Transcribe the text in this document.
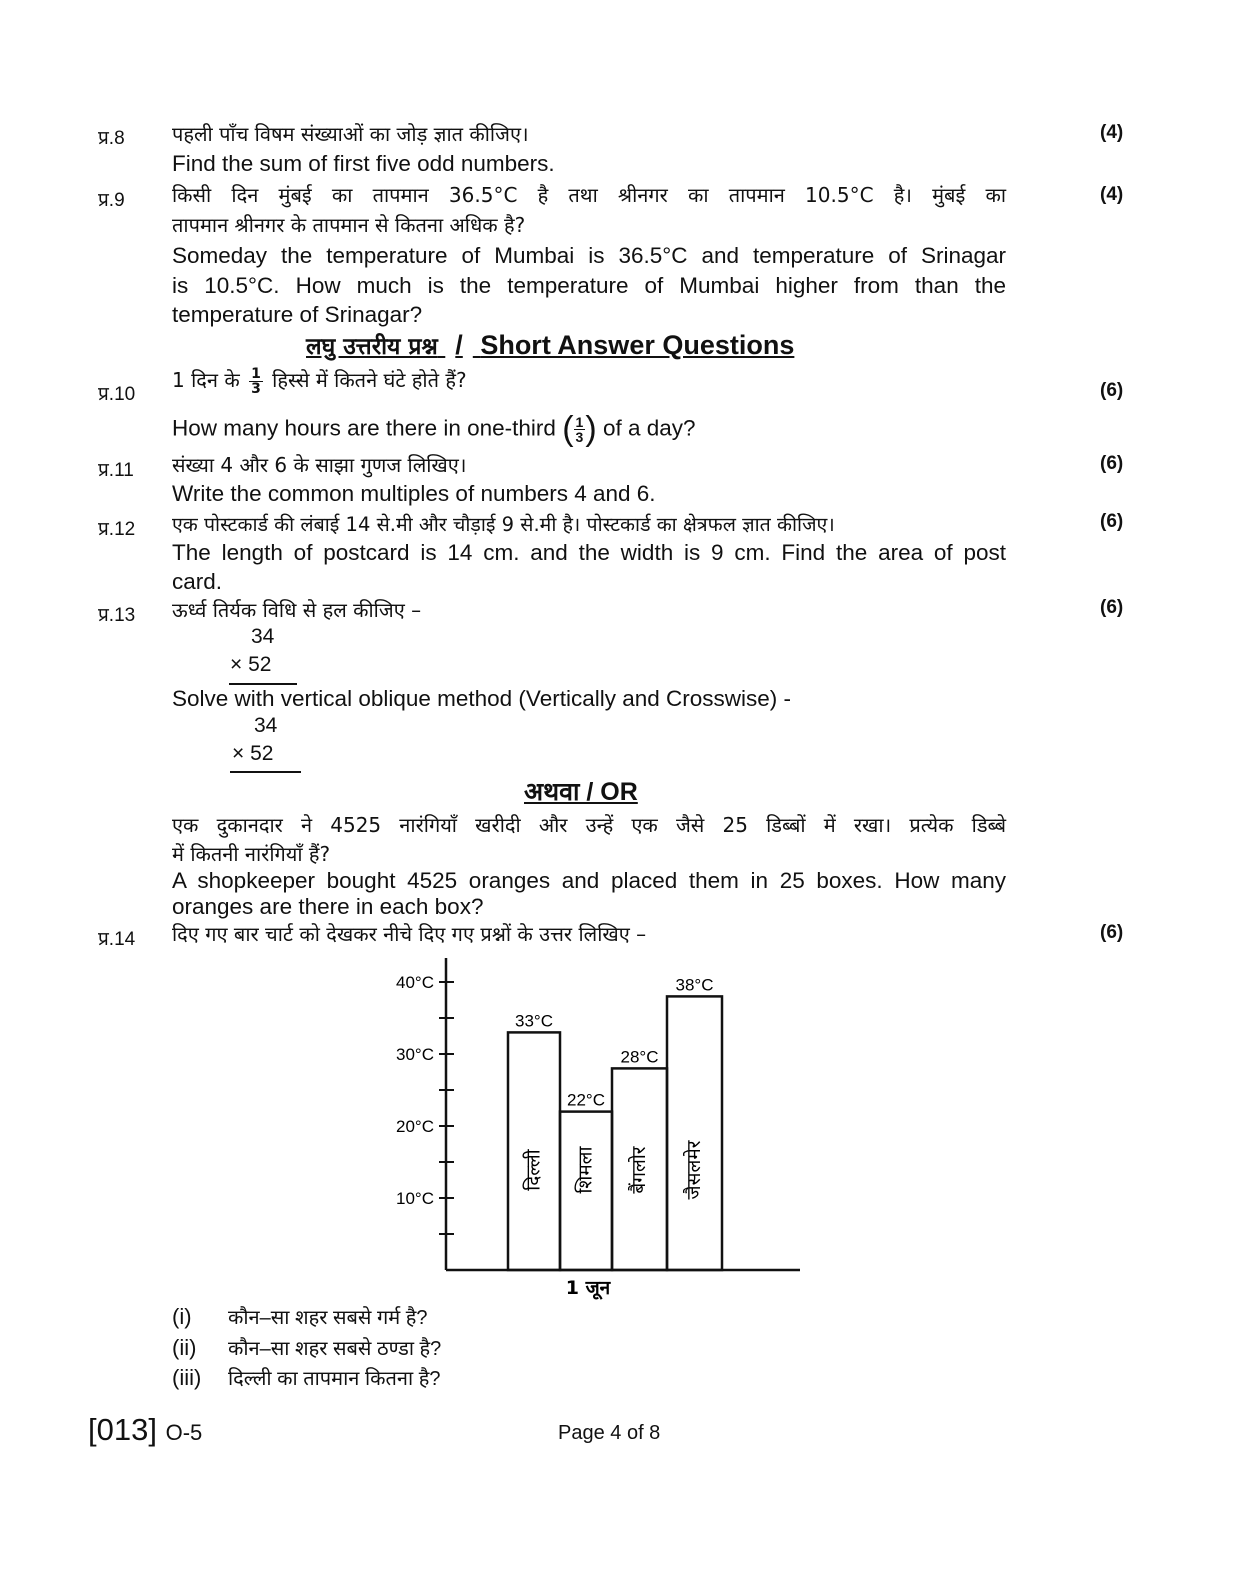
प्र.8 पहली पाँच विषम संख्याओं का जोड़ ज्ञात कीजिए।	(4)
Find the sum of first five odd numbers.
प्र.9	(4)
किसी दिन मुंबई का तापमान 36.5°C है तथा श्रीनगर का तापमान 10.5°C है। मुंबई का
तापमान श्रीनगर के तापमान से कितना अधिक है?
Someday the temperature of Mumbai is 36.5°C and temperature of Srinagar
is 10.5°C. How much is the temperature of Mumbai higher from than the
temperature of Srinagar?
लघु उत्तरीय प्रश्न / Short Answer Questions
प्र.10	(6)
1 दिन के $\frac{1}{3}$ हिस्से में कितने घंटे होते हैं?
How many hours are there in one-third ( $\frac{1}{3}$ ) of a day?
प्र.11	(6)
संख्या 4 और 6 के साझा गुणज लिखिए।
Write the common multiples of numbers 4 and 6.
प्र.12	(6)
एक पोस्टकार्ड की लंबाई 14 से.मी और चौड़ाई 9 से.मी है। पोस्टकार्ड का क्षेत्रफल ज्ञात कीजिए।
The length of postcard is 14 cm. and the width is 9 cm. Find the area of post
card.
प्र.13	(6)
ऊर्ध्व तिर्यक विधि से हल कीजिए –
34
× 52
Solve with vertical oblique method (Vertically and Crosswise) -
34
× 52
अथवा / OR
एक दुकानदार ने 4525 नारंगियाँ खरीदी और उन्हें एक जैसे 25 डिब्बों में रखा। प्रत्येक डिब्बे
में कितनी नारंगियाँ हैं?
A shopkeeper bought 4525 oranges and placed them in 25 boxes. How many
oranges are there in each box?
प्र.14	(6)
दिए गए बार चार्ट को देखकर नीचे दिए गए प्रश्नों के उत्तर लिखिए –
10°C
20°C
30°C
40°C
33°C
दिल्ली
22°C
शिमला
28°C
बैंगलोर
38°C
जैसलमेर
1 जून
(i) कौन–सा शहर सबसे गर्म है?
(ii) कौन–सा शहर सबसे ठण्डा है?
(iii) दिल्ली का तापमान कितना है?
[013] O-5	Page 4 of 8
